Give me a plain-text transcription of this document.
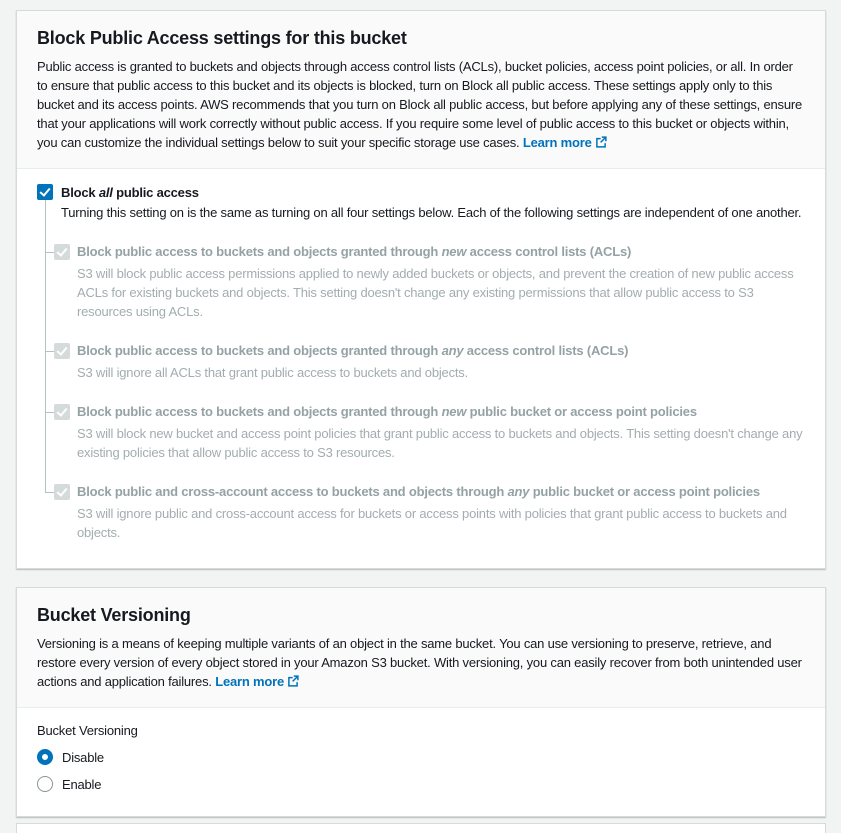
Block Public Access settings for this bucket
Public access is granted to buckets and objects through access control lists (ACLs), bucket policies, access point policies, or all. In order to ensure that public access to this bucket and its objects is blocked, turn on Block all public access. These settings apply only to this bucket and its access points. AWS recommends that you turn on Block all public access, but before applying any of these settings, ensure that your applications will work correctly without public access. If you require some level of public access to this bucket or objects within, you can customize the individual settings below to suit your specific storage use cases. Learn more
Block all public access
Turning this setting on is the same as turning on all four settings below. Each of the following settings are independent of one another.
Block public access to buckets and objects granted through new access control lists (ACLs)
S3 will block public access permissions applied to newly added buckets or objects, and prevent the creation of new public access ACLs for existing buckets and objects. This setting doesn't change any existing permissions that allow public access to S3 resources using ACLs.
Block public access to buckets and objects granted through any access control lists (ACLs)
S3 will ignore all ACLs that grant public access to buckets and objects.
Block public access to buckets and objects granted through new public bucket or access point policies
S3 will block new bucket and access point policies that grant public access to buckets and objects. This setting doesn't change any existing policies that allow public access to S3 resources.
Block public and cross-account access to buckets and objects through any public bucket or access point policies
S3 will ignore public and cross-account access for buckets or access points with policies that grant public access to buckets and objects.
Bucket Versioning
Versioning is a means of keeping multiple variants of an object in the same bucket. You can use versioning to preserve, retrieve, and restore every version of every object stored in your Amazon S3 bucket. With versioning, you can easily recover from both unintended user actions and application failures. Learn more
Bucket Versioning
Disable
Enable
